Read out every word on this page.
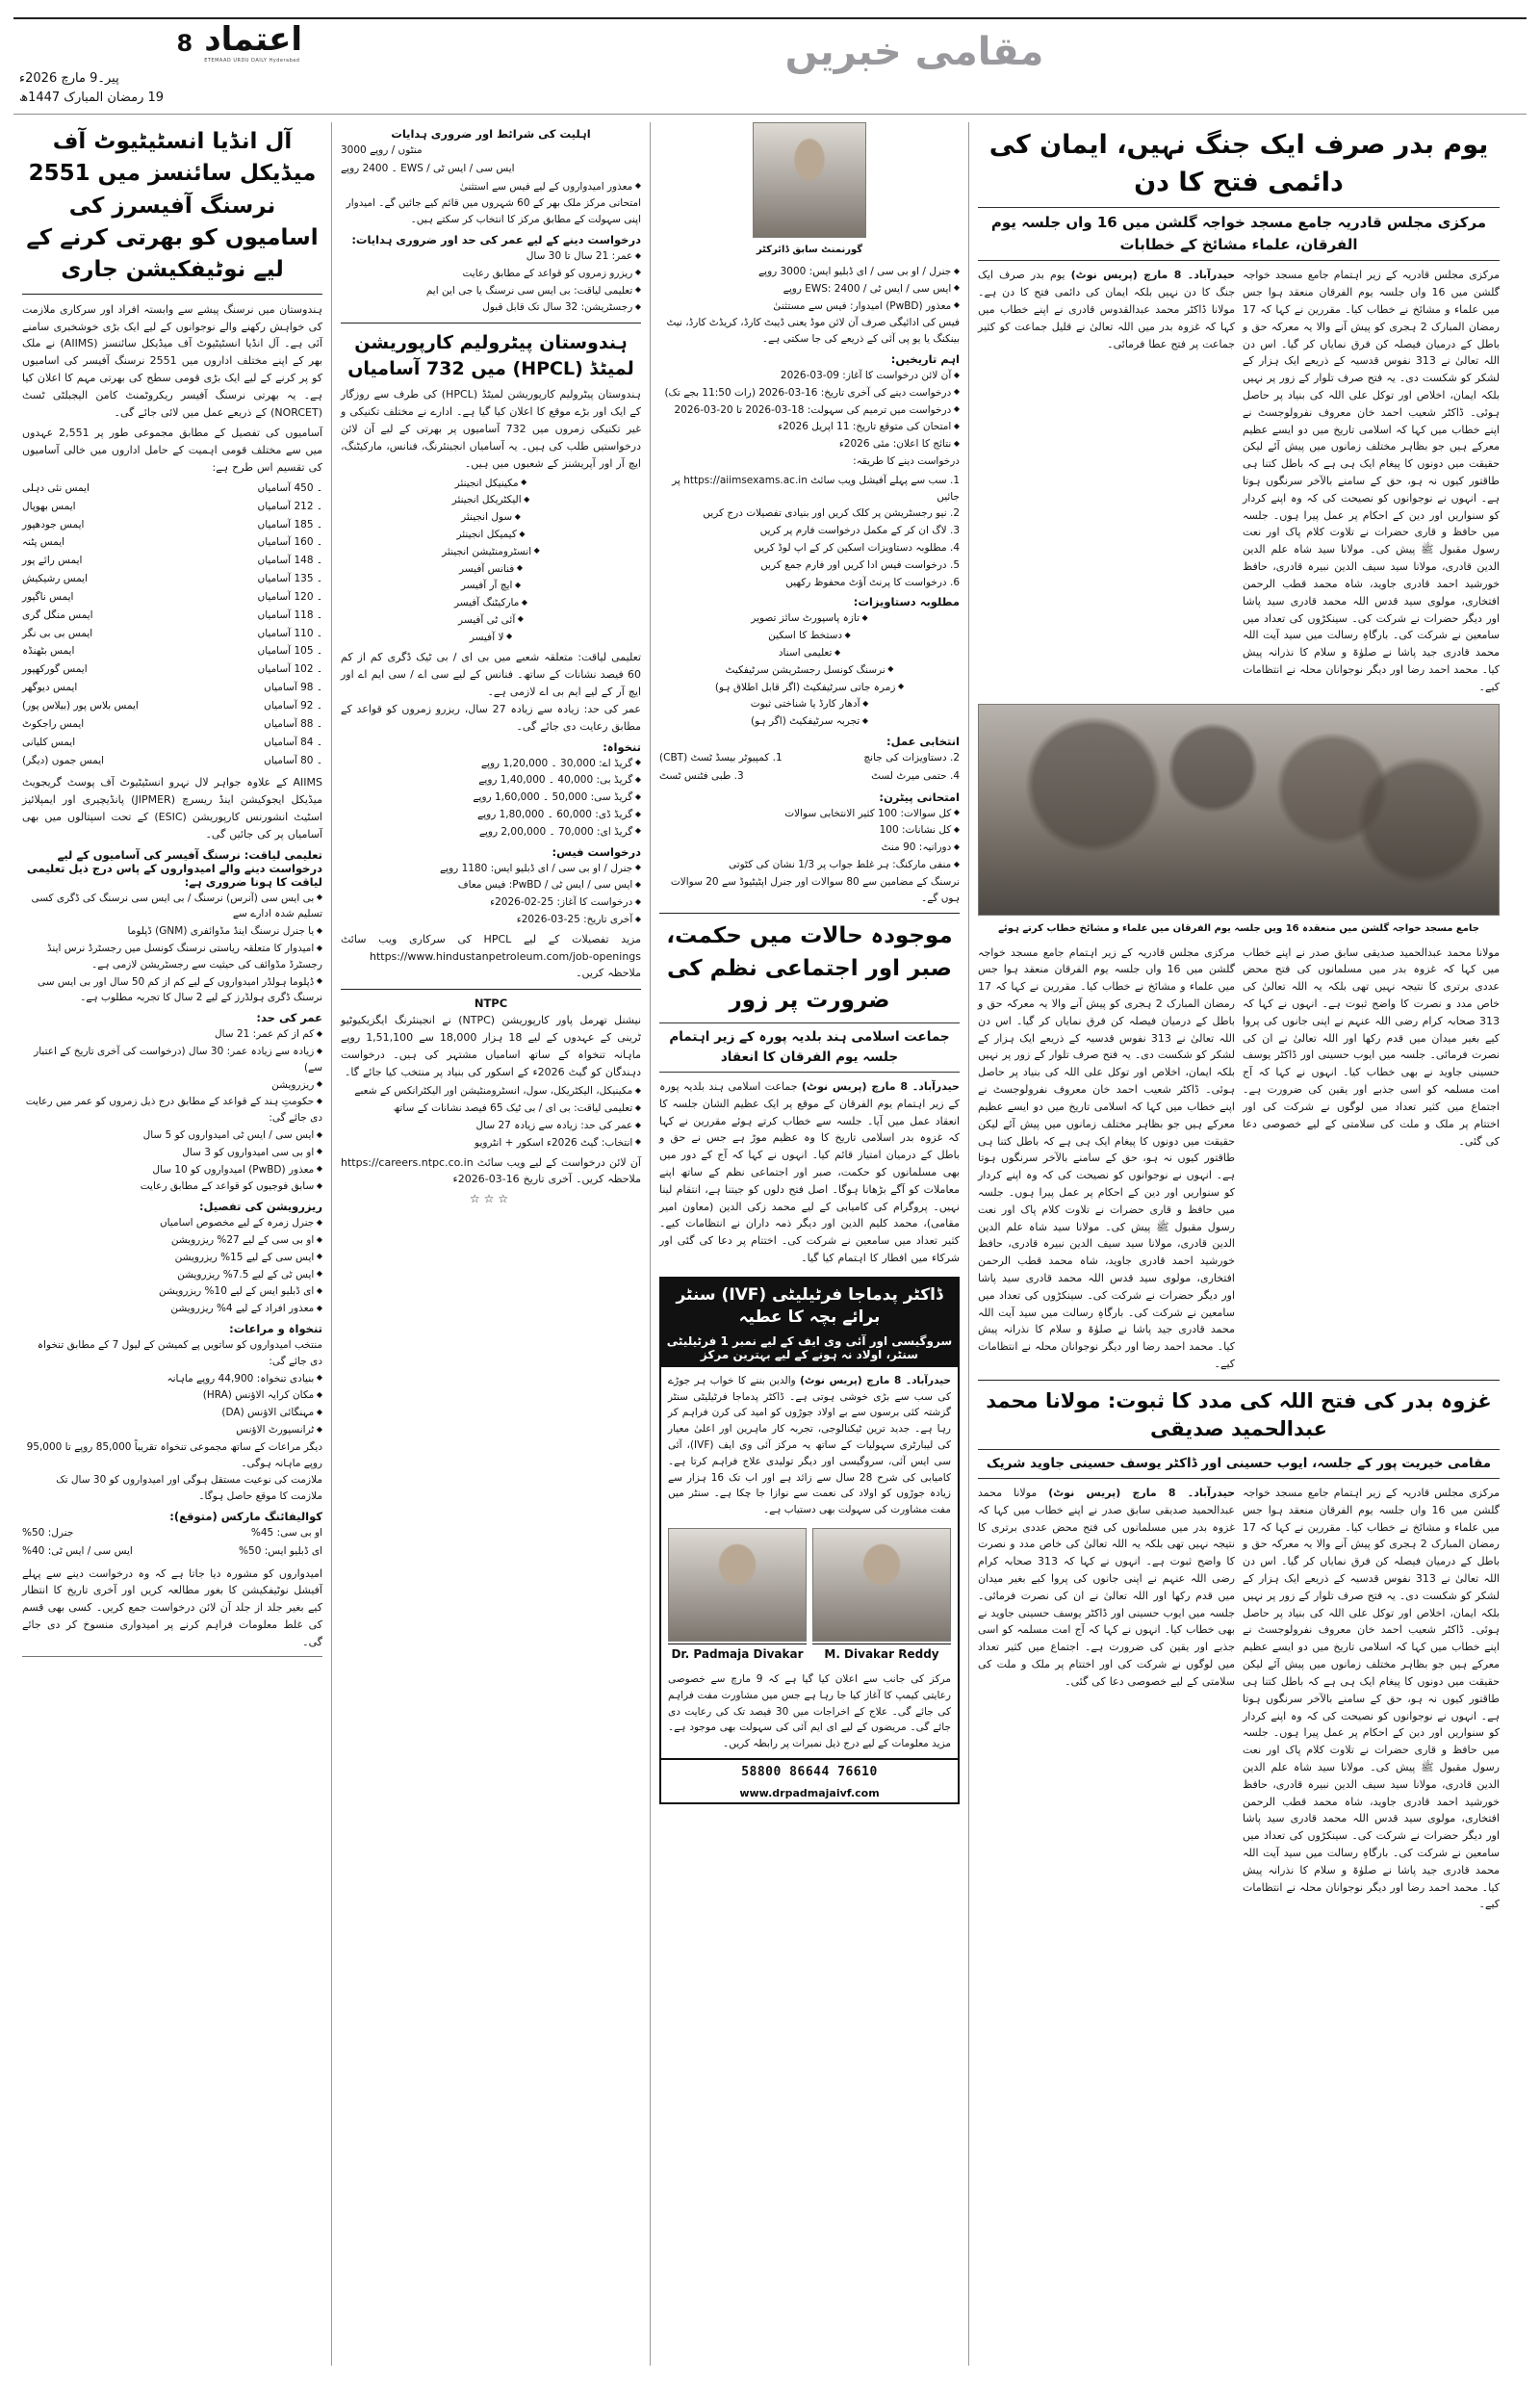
اعتماد
ETEMAAD URDU DAILY Hyderabad
8
پیر۔9 مارچ 2026ء
19 رمضان المبارک 1447ھ
مقامی خبریں
آل انڈیا انسٹیٹیوٹ آف میڈیکل سائنسز میں 2551 نرسنگ آفیسرز کی اسامیوں کو بھرتی کرنے کے لیے نوٹیفکیشن جاری
ہندوستان میں نرسنگ پیشے سے وابستہ افراد اور سرکاری ملازمت کی خواہش رکھنے والے نوجوانوں کے لیے ایک بڑی خوشخبری سامنے آئی ہے۔ آل انڈیا انسٹیٹیوٹ آف میڈیکل سائنسز (AIIMS) نے ملک بھر کے اپنے مختلف اداروں میں 2551 نرسنگ آفیسر کی اسامیوں کو پر کرنے کے لیے ایک بڑی قومی سطح کی بھرتی مہم کا اعلان کیا ہے۔ یہ بھرتی نرسنگ آفیسر ریکروٹمنٹ کامن الیجبلٹی ٹسٹ (NORCET) کے ذریعے عمل میں لائی جائے گی۔
آسامیوں کی تفصیل کے مطابق مجموعی طور پر 2,551 عہدوں میں سے مختلف قومی اہمیت کے حامل اداروں میں خالی آسامیوں کی تقسیم اس طرح ہے:
ایمس نئی دہلی	۔ 450 آسامیاں
ایمس بھوپال	۔ 212 آسامیاں
ایمس جودھپور	۔ 185 آسامیاں
ایمس پٹنہ	۔ 160 آسامیاں
ایمس رائے پور	۔ 148 آسامیاں
ایمس رشیکیش	۔ 135 آسامیاں
ایمس ناگپور	۔ 120 آسامیاں
ایمس منگل گری	۔ 118 آسامیاں
ایمس بی بی نگر	۔ 110 آسامیاں
ایمس بٹھنڈہ	۔ 105 آسامیاں
ایمس گورکھپور	۔ 102 آسامیاں
ایمس دیوگھر	۔ 98 آسامیاں
ایمس بلاس پور (بیلاس پور)	۔ 92 آسامیاں
ایمس راجکوٹ	۔ 88 آسامیاں
ایمس کلیانی	۔ 84 آسامیاں
ایمس جموں (دیگر)	۔ 80 آسامیاں
AIIMS کے علاوہ جواہر لال نہرو انسٹیٹیوٹ آف پوسٹ گریجویٹ میڈیکل ایجوکیشن اینڈ ریسرچ (JIPMER) پانڈیچیری اور ایمپلائیز اسٹیٹ انشورنس کارپوریشن (ESIC) کے تحت اسپتالوں میں بھی آسامیاں پر کی جائیں گی۔
تعلیمی لیاقت: نرسنگ آفیسر کی آسامیوں کے لیے درخواست دینے والے امیدواروں کے پاس درج ذیل تعلیمی لیاقت کا ہونا ضروری ہے:
◆ بی ایس سی (آنرس) نرسنگ / بی ایس سی نرسنگ کی ڈگری کسی تسلیم شدہ ادارے سے
◆ یا جنرل نرسنگ اینڈ مڈوائفری (GNM) ڈپلوما
◆ امیدوار کا متعلقہ ریاستی نرسنگ کونسل میں رجسٹرڈ نرس اینڈ رجسٹرڈ مڈوائف کی حیثیت سے رجسٹریشن لازمی ہے۔
◆ ڈپلوما ہولڈر امیدواروں کے لیے کم از کم 50 سال اور بی ایس سی نرسنگ ڈگری ہولڈرز کے لیے 2 سال کا تجربہ مطلوب ہے۔
عمر کی حد:
◆ کم از کم عمر: 21 سال
◆ زیادہ سے زیادہ عمر: 30 سال (درخواست کی آخری تاریخ کے اعتبار سے)
◆ ریزرویشن
◆ حکومتِ ہند کے قواعد کے مطابق درج ذیل زمروں کو عمر میں رعایت دی جائے گی:
◆ ایس سی / ایس ٹی امیدواروں کو 5 سال
◆ او بی سی امیدواروں کو 3 سال
◆ معذور (PwBD) امیدواروں کو 10 سال
◆ سابق فوجیوں کو قواعد کے مطابق رعایت
ریزرویشن کی تفصیل:
◆ جنرل زمرہ کے لیے مخصوص اسامیاں
◆ او بی سی کے لیے 27% ریزرویشن
◆ ایس سی کے لیے 15% ریزرویشن
◆ ایس ٹی کے لیے 7.5% ریزرویشن
◆ ای ڈبلیو ایس کے لیے 10% ریزرویشن
◆ معذور افراد کے لیے 4% ریزرویشن
تنخواہ و مراعات:
منتخب امیدواروں کو ساتویں پے کمیشن کے لیول 7 کے مطابق تنخواہ دی جائے گی:
◆ بنیادی تنخواہ: 44,900 روپے ماہانہ
◆ مکان کرایہ الاؤنس (HRA)
◆ مہنگائی الاؤنس (DA)
◆ ٹرانسپورٹ الاؤنس
دیگر مراعات کے ساتھ مجموعی تنخواہ تقریباً 85,000 روپے تا 95,000 روپے ماہانہ ہوگی۔
ملازمت کی نوعیت مستقل ہوگی اور امیدواروں کو 30 سال تک ملازمت کا موقع حاصل ہوگا۔
کوالیفائنگ مارکس (متوقع):
جنرل: 50%	او بی سی: 45%
ایس سی / ایس ٹی: 40%	ای ڈبلیو ایس: 50%
امیدواروں کو مشورہ دیا جاتا ہے کہ وہ درخواست دینے سے پہلے آفیشل نوٹیفکیشن کا بغور مطالعہ کریں اور آخری تاریخ کا انتظار کیے بغیر جلد از جلد آن لائن درخواست جمع کریں۔ کسی بھی قسم کی غلط معلومات فراہم کرنے پر امیدواری منسوخ کر دی جائے گی۔
اہلیت کی شرائط اور ضروری ہدایات
منٹوں / روپے 3000
ایس سی / ایس ٹی / EWS ۔ 2400 روپے
◆ معذور امیدواروں کے لیے فیس سے استثنیٰ
امتحانی مرکز ملک بھر کے 60 شہروں میں قائم کیے جائیں گے۔ امیدوار اپنی سہولت کے مطابق مرکز کا انتخاب کر سکتے ہیں۔
درخواست دینے کے لیے عمر کی حد اور ضروری ہدایات:
◆ عمر: 21 سال تا 30 سال
◆ ریزرو زمروں کو قواعد کے مطابق رعایت
◆ تعلیمی لیاقت: بی ایس سی نرسنگ یا جی این ایم
◆ رجسٹریشن: 32 سال تک قابل قبول
ہندوستان پیٹرولیم کارپوریشن لمیٹڈ (HPCL) میں 732 آسامیاں
ہندوستان پیٹرولیم کارپوریشن لمیٹڈ (HPCL) کی طرف سے روزگار کے ایک اور بڑے موقع کا اعلان کیا گیا ہے۔ ادارے نے مختلف تکنیکی و غیر تکنیکی زمروں میں 732 آسامیوں پر بھرتی کے لیے آن لائن درخواستیں طلب کی ہیں۔ یہ آسامیاں انجینئرنگ، فنانس، مارکیٹنگ، ایچ آر اور آپریشنز کے شعبوں میں ہیں۔
◆ مکینیکل انجینئر
◆ الیکٹریکل انجینئر
◆ سول انجینئر
◆ کیمیکل انجینئر
◆ انسٹرومنٹیشن انجینئر
◆ فنانس آفیسر
◆ ایچ آر آفیسر
◆ مارکیٹنگ آفیسر
◆ آئی ٹی آفیسر
◆ لا آفیسر
تعلیمی لیاقت: متعلقہ شعبے میں بی ای / بی ٹیک ڈگری کم از کم 60 فیصد نشانات کے ساتھ۔ فنانس کے لیے سی اے / سی ایم اے اور ایچ آر کے لیے ایم بی اے لازمی ہے۔
عمر کی حد: زیادہ سے زیادہ 27 سال، ریزرو زمروں کو قواعد کے مطابق رعایت دی جائے گی۔
تنخواہ:
◆ گریڈ اے: 30,000 ۔ 1,20,000 روپے
◆ گریڈ بی: 40,000 ۔ 1,40,000 روپے
◆ گریڈ سی: 50,000 ۔ 1,60,000 روپے
◆ گریڈ ڈی: 60,000 ۔ 1,80,000 روپے
◆ گریڈ ای: 70,000 ۔ 2,00,000 روپے
درخواست فیس:
◆ جنرل / او بی سی / ای ڈبلیو ایس: 1180 روپے
◆ ایس سی / ایس ٹی / PwBD: فیس معاف
◆ درخواست کا آغاز: 25-02-2026ء
◆ آخری تاریخ: 25-03-2026ء
مزید تفصیلات کے لیے HPCL کی سرکاری ویب سائٹ https://www.hindustanpetroleum.com/job-openings ملاحظہ کریں۔
NTPC
نیشنل تھرمل پاور کارپوریشن (NTPC) نے انجینئرنگ ایگزیکیوٹیو ٹرینی کے عہدوں کے لیے 18 ہزار 18,000 سے 1,51,100 روپے ماہانہ تنخواہ کے ساتھ اسامیاں مشتہر کی ہیں۔ درخواست دہندگان کو گیٹ 2026ء کے اسکور کی بنیاد پر منتخب کیا جائے گا۔
◆ مکینیکل، الیکٹریکل، سول، انسٹرومنٹیشن اور الیکٹرانکس کے شعبے
◆ تعلیمی لیاقت: بی ای / بی ٹیک 65 فیصد نشانات کے ساتھ
◆ عمر کی حد: زیادہ سے زیادہ 27 سال
◆ انتخاب: گیٹ 2026ء اسکور + انٹرویو
آن لائن درخواست کے لیے ویب سائٹ https://careers.ntpc.co.in ملاحظہ کریں۔ آخری تاریخ 16-03-2026ء
☆☆☆
گورنمنٹ سابق ڈائرکٹر
◆ جنرل / او بی سی / ای ڈبلیو ایس: 3000 روپے
◆ ایس سی / ایس ٹی / EWS: 2400 روپے
◆ معذور (PwBD) امیدوار: فیس سے مستثنیٰ
فیس کی ادائیگی صرف آن لائن موڈ یعنی ڈیبٹ کارڈ، کریڈٹ کارڈ، نیٹ بینکنگ یا یو پی آئی کے ذریعے کی جا سکتی ہے۔
اہم تاریخیں:
◆ آن لائن درخواست کا آغاز: 09-03-2026
◆ درخواست دینے کی آخری تاریخ: 16-03-2026 (رات 11:50 بجے تک)
◆ درخواست میں ترمیم کی سہولت: 18-03-2026 تا 20-03-2026
◆ امتحان کی متوقع تاریخ: 11 اپریل 2026ء
◆ نتائج کا اعلان: مئی 2026ء
درخواست دینے کا طریقہ:
1. سب سے پہلے آفیشل ویب سائٹ https://aiimsexams.ac.in پر جائیں
2. نیو رجسٹریشن پر کلک کریں اور بنیادی تفصیلات درج کریں
3. لاگ ان کر کے مکمل درخواست فارم پر کریں
4. مطلوبہ دستاویزات اسکین کر کے اپ لوڈ کریں
5. درخواست فیس ادا کریں اور فارم جمع کریں
6. درخواست کا پرنٹ آؤٹ محفوظ رکھیں
مطلوبہ دستاویزات:
◆ تازہ پاسپورٹ سائز تصویر
◆ دستخط کا اسکین
◆ تعلیمی اسناد
◆ نرسنگ کونسل رجسٹریشن سرٹیفکیٹ
◆ زمرہ جاتی سرٹیفکیٹ (اگر قابل اطلاق ہو)
◆ آدھار کارڈ یا شناختی ثبوت
◆ تجربہ سرٹیفکیٹ (اگر ہو)
انتخابی عمل:
1. کمپیوٹر بیسڈ ٹسٹ (CBT)	2. دستاویزات کی جانچ
3. طبی فٹنس ٹسٹ	4. حتمی میرٹ لسٹ
امتحانی پیٹرن:
◆ کل سوالات: 100 کثیر الانتخابی سوالات
◆ کل نشانات: 100
◆ دورانیہ: 90 منٹ
◆ منفی مارکنگ: ہر غلط جواب پر 1/3 نشان کی کٹوتی
نرسنگ کے مضامین سے 80 سوالات اور جنرل اپٹیٹیوڈ سے 20 سوالات ہوں گے۔
موجودہ حالات میں حکمت، صبر اور اجتماعی نظم کی ضرورت پر زور
جماعت اسلامی ہند بلدیہ پورہ کے زیر اہتمام جلسہ یوم الفرقان کا انعقاد
حیدرآباد۔ 8 مارچ (پریس نوٹ) جماعت اسلامی ہند بلدیہ پورہ کے زیر اہتمام یوم الفرقان کے موقع پر ایک عظیم الشان جلسہ کا انعقاد عمل میں آیا۔ جلسہ سے خطاب کرتے ہوئے مقررین نے کہا کہ غزوہ بدر اسلامی تاریخ کا وہ عظیم موڑ ہے جس نے حق و باطل کے درمیان امتیاز قائم کیا۔ انہوں نے کہا کہ آج کے دور میں بھی مسلمانوں کو حکمت، صبر اور اجتماعی نظم کے ساتھ اپنے معاملات کو آگے بڑھانا ہوگا۔ اصل فتح دلوں کو جیتنا ہے، انتقام لینا نہیں۔ پروگرام کی کامیابی کے لیے محمد زکی الدین (معاون امیر مقامی)، محمد کلیم الدین اور دیگر ذمہ داران نے انتظامات کیے۔ کثیر تعداد میں سامعین نے شرکت کی۔ اختتام پر دعا کی گئی اور شرکاء میں افطار کا اہتمام کیا گیا۔
ڈاکٹر پدماجا فرٹیلیٹی (IVF) سنٹر برائے بچہ کا عطیہ
سروگیسی اور آئی وی ایف کے لیے نمبر 1 فرٹیلیٹی سنٹر، اولاد نہ ہونے کے لیے بہترین مرکز
حیدرآباد۔ 8 مارچ (پریس نوٹ) والدین بننے کا خواب ہر جوڑے کی سب سے بڑی خوشی ہوتی ہے۔ ڈاکٹر پدماجا فرٹیلیٹی سنٹر گزشتہ کئی برسوں سے بے اولاد جوڑوں کو امید کی کرن فراہم کر رہا ہے۔ جدید ترین ٹیکنالوجی، تجربہ کار ماہرین اور اعلیٰ معیار کی لیبارٹری سہولیات کے ساتھ یہ مرکز آئی وی ایف (IVF)، آئی سی ایس آئی، سروگیسی اور دیگر تولیدی علاج فراہم کرتا ہے۔ کامیابی کی شرح 28 سال سے زائد ہے اور اب تک 16 ہزار سے زیادہ جوڑوں کو اولاد کی نعمت سے نوازا جا چکا ہے۔ سنٹر میں مفت مشاورت کی سہولت بھی دستیاب ہے۔
Dr. Padmaja Divakar	M. Divakar Reddy
مرکز کی جانب سے اعلان کیا گیا ہے کہ 9 مارچ سے خصوصی رعایتی کیمپ کا آغاز کیا جا رہا ہے جس میں مشاورت مفت فراہم کی جائے گی۔ علاج کے اخراجات میں 30 فیصد تک کی رعایت دی جائے گی۔ مریضوں کے لیے ای ایم آئی کی سہولت بھی موجود ہے۔ مزید معلومات کے لیے درج ذیل نمبرات پر رابطہ کریں۔
76610 86644 58800
www.drpadmajaivf.com
یوم بدر صرف ایک جنگ نہیں، ایمان کی دائمی فتح کا دن
مرکزی مجلس قادریہ جامع مسجد خواجہ گلشن میں 16 واں جلسہ یوم الفرقان، علماء مشائخ کے خطابات
حیدرآباد۔ 8 مارچ (پریس نوٹ) یوم بدر صرف ایک جنگ کا دن نہیں بلکہ ایمان کی دائمی فتح کا دن ہے۔ مولانا ڈاکٹر محمد عبدالقدوس قادری نے اپنے خطاب میں کہا کہ غزوہ بدر میں اللہ تعالیٰ نے قلیل جماعت کو کثیر جماعت پر فتح عطا فرمائی۔
مرکزی مجلس قادریہ کے زیر اہتمام جامع مسجد خواجہ گلشن میں 16 واں جلسہ یوم الفرقان منعقد ہوا جس میں علماء و مشائخ نے خطاب کیا۔ مقررین نے کہا کہ 17 رمضان المبارک 2 ہجری کو پیش آنے والا یہ معرکہ حق و باطل کے درمیان فیصلہ کن فرق نمایاں کر گیا۔ اس دن اللہ تعالیٰ نے 313 نفوس قدسیہ کے ذریعے ایک ہزار کے لشکر کو شکست دی۔ یہ فتح صرف تلوار کے زور پر نہیں بلکہ ایمان، اخلاص اور توکل علی اللہ کی بنیاد پر حاصل ہوئی۔ ڈاکٹر شعیب احمد خان معروف نفرولوجسٹ نے اپنے خطاب میں کہا کہ اسلامی تاریخ میں دو ایسے عظیم معرکے ہیں جو بظاہر مختلف زمانوں میں پیش آئے لیکن حقیقت میں دونوں کا پیغام ایک ہی ہے کہ باطل کتنا ہی طاقتور کیوں نہ ہو، حق کے سامنے بالآخر سرنگوں ہوتا ہے۔ انہوں نے نوجوانوں کو نصیحت کی کہ وہ اپنے کردار کو سنواریں اور دین کے احکام پر عمل پیرا ہوں۔ جلسہ میں حافظ و قاری حضرات نے تلاوت کلام پاک اور نعت رسول مقبول ﷺ پیش کی۔ مولانا سید شاہ علم الدین الدین قادری، مولانا سید سیف الدین نبیرہ قادری، حافظ خورشید احمد قادری جاوید، شاہ محمد قطب الرحمن افتخاری، مولوی سید قدس اللہ محمد قادری سید پاشا اور دیگر حضرات نے شرکت کی۔ سینکڑوں کی تعداد میں سامعین نے شرکت کی۔ بارگاہِ رسالت میں سید آیت اللہ محمد قادری جید پاشا نے صلوٰۃ و سلام کا نذرانہ پیش کیا۔ محمد احمد رضا اور دیگر نوجوانان محلہ نے انتظامات کیے۔
جامع مسجد خواجہ گلشن میں منعقدہ 16 ویں جلسہ یوم الفرقان میں علماء و مشائخ خطاب کرتے ہوئے
مرکزی مجلس قادریہ کے زیر اہتمام جامع مسجد خواجہ گلشن میں 16 واں جلسہ یوم الفرقان منعقد ہوا جس میں علماء و مشائخ نے خطاب کیا۔ مقررین نے کہا کہ 17 رمضان المبارک 2 ہجری کو پیش آنے والا یہ معرکہ حق و باطل کے درمیان فیصلہ کن فرق نمایاں کر گیا۔ اس دن اللہ تعالیٰ نے 313 نفوس قدسیہ کے ذریعے ایک ہزار کے لشکر کو شکست دی۔ یہ فتح صرف تلوار کے زور پر نہیں بلکہ ایمان، اخلاص اور توکل علی اللہ کی بنیاد پر حاصل ہوئی۔ ڈاکٹر شعیب احمد خان معروف نفرولوجسٹ نے اپنے خطاب میں کہا کہ اسلامی تاریخ میں دو ایسے عظیم معرکے ہیں جو بظاہر مختلف زمانوں میں پیش آئے لیکن حقیقت میں دونوں کا پیغام ایک ہی ہے کہ باطل کتنا ہی طاقتور کیوں نہ ہو، حق کے سامنے بالآخر سرنگوں ہوتا ہے۔ انہوں نے نوجوانوں کو نصیحت کی کہ وہ اپنے کردار کو سنواریں اور دین کے احکام پر عمل پیرا ہوں۔ جلسہ میں حافظ و قاری حضرات نے تلاوت کلام پاک اور نعت رسول مقبول ﷺ پیش کی۔ مولانا سید شاہ علم الدین الدین قادری، مولانا سید سیف الدین نبیرہ قادری، حافظ خورشید احمد قادری جاوید، شاہ محمد قطب الرحمن افتخاری، مولوی سید قدس اللہ محمد قادری سید پاشا اور دیگر حضرات نے شرکت کی۔ سینکڑوں کی تعداد میں سامعین نے شرکت کی۔ بارگاہِ رسالت میں سید آیت اللہ محمد قادری جید پاشا نے صلوٰۃ و سلام کا نذرانہ پیش کیا۔ محمد احمد رضا اور دیگر نوجوانان محلہ نے انتظامات کیے۔
مولانا محمد عبدالحمید صدیقی سابق صدر نے اپنے خطاب میں کہا کہ غزوہ بدر میں مسلمانوں کی فتح محض عددی برتری کا نتیجہ نہیں تھی بلکہ یہ اللہ تعالیٰ کی خاص مدد و نصرت کا واضح ثبوت ہے۔ انہوں نے کہا کہ 313 صحابہ کرام رضی اللہ عنہم نے اپنی جانوں کی پروا کیے بغیر میدان میں قدم رکھا اور اللہ تعالیٰ نے ان کی نصرت فرمائی۔ جلسہ میں ایوب حسینی اور ڈاکٹر یوسف حسینی جاوید نے بھی خطاب کیا۔ انہوں نے کہا کہ آج امت مسلمہ کو اسی جذبے اور یقین کی ضرورت ہے۔ اجتماع میں کثیر تعداد میں لوگوں نے شرکت کی اور اختتام پر ملک و ملت کی سلامتی کے لیے خصوصی دعا کی گئی۔
غزوہ بدر کی فتح اللہ کی مدد کا ثبوت: مولانا محمد عبدالحمید صدیقی
مقامی خیریت پور کے جلسہ، ایوب حسینی اور ڈاکٹر یوسف حسینی جاوید شریک
حیدرآباد۔ 8 مارچ (پریس نوٹ) مولانا محمد عبدالحمید صدیقی سابق صدر نے اپنے خطاب میں کہا کہ غزوہ بدر میں مسلمانوں کی فتح محض عددی برتری کا نتیجہ نہیں تھی بلکہ یہ اللہ تعالیٰ کی خاص مدد و نصرت کا واضح ثبوت ہے۔ انہوں نے کہا کہ 313 صحابہ کرام رضی اللہ عنہم نے اپنی جانوں کی پروا کیے بغیر میدان میں قدم رکھا اور اللہ تعالیٰ نے ان کی نصرت فرمائی۔ جلسہ میں ایوب حسینی اور ڈاکٹر یوسف حسینی جاوید نے بھی خطاب کیا۔ انہوں نے کہا کہ آج امت مسلمہ کو اسی جذبے اور یقین کی ضرورت ہے۔ اجتماع میں کثیر تعداد میں لوگوں نے شرکت کی اور اختتام پر ملک و ملت کی سلامتی کے لیے خصوصی دعا کی گئی۔
مرکزی مجلس قادریہ کے زیر اہتمام جامع مسجد خواجہ گلشن میں 16 واں جلسہ یوم الفرقان منعقد ہوا جس میں علماء و مشائخ نے خطاب کیا۔ مقررین نے کہا کہ 17 رمضان المبارک 2 ہجری کو پیش آنے والا یہ معرکہ حق و باطل کے درمیان فیصلہ کن فرق نمایاں کر گیا۔ اس دن اللہ تعالیٰ نے 313 نفوس قدسیہ کے ذریعے ایک ہزار کے لشکر کو شکست دی۔ یہ فتح صرف تلوار کے زور پر نہیں بلکہ ایمان، اخلاص اور توکل علی اللہ کی بنیاد پر حاصل ہوئی۔ ڈاکٹر شعیب احمد خان معروف نفرولوجسٹ نے اپنے خطاب میں کہا کہ اسلامی تاریخ میں دو ایسے عظیم معرکے ہیں جو بظاہر مختلف زمانوں میں پیش آئے لیکن حقیقت میں دونوں کا پیغام ایک ہی ہے کہ باطل کتنا ہی طاقتور کیوں نہ ہو، حق کے سامنے بالآخر سرنگوں ہوتا ہے۔ انہوں نے نوجوانوں کو نصیحت کی کہ وہ اپنے کردار کو سنواریں اور دین کے احکام پر عمل پیرا ہوں۔ جلسہ میں حافظ و قاری حضرات نے تلاوت کلام پاک اور نعت رسول مقبول ﷺ پیش کی۔ مولانا سید شاہ علم الدین الدین قادری، مولانا سید سیف الدین نبیرہ قادری، حافظ خورشید احمد قادری جاوید، شاہ محمد قطب الرحمن افتخاری، مولوی سید قدس اللہ محمد قادری سید پاشا اور دیگر حضرات نے شرکت کی۔ سینکڑوں کی تعداد میں سامعین نے شرکت کی۔ بارگاہِ رسالت میں سید آیت اللہ محمد قادری جید پاشا نے صلوٰۃ و سلام کا نذرانہ پیش کیا۔ محمد احمد رضا اور دیگر نوجوانان محلہ نے انتظامات کیے۔
